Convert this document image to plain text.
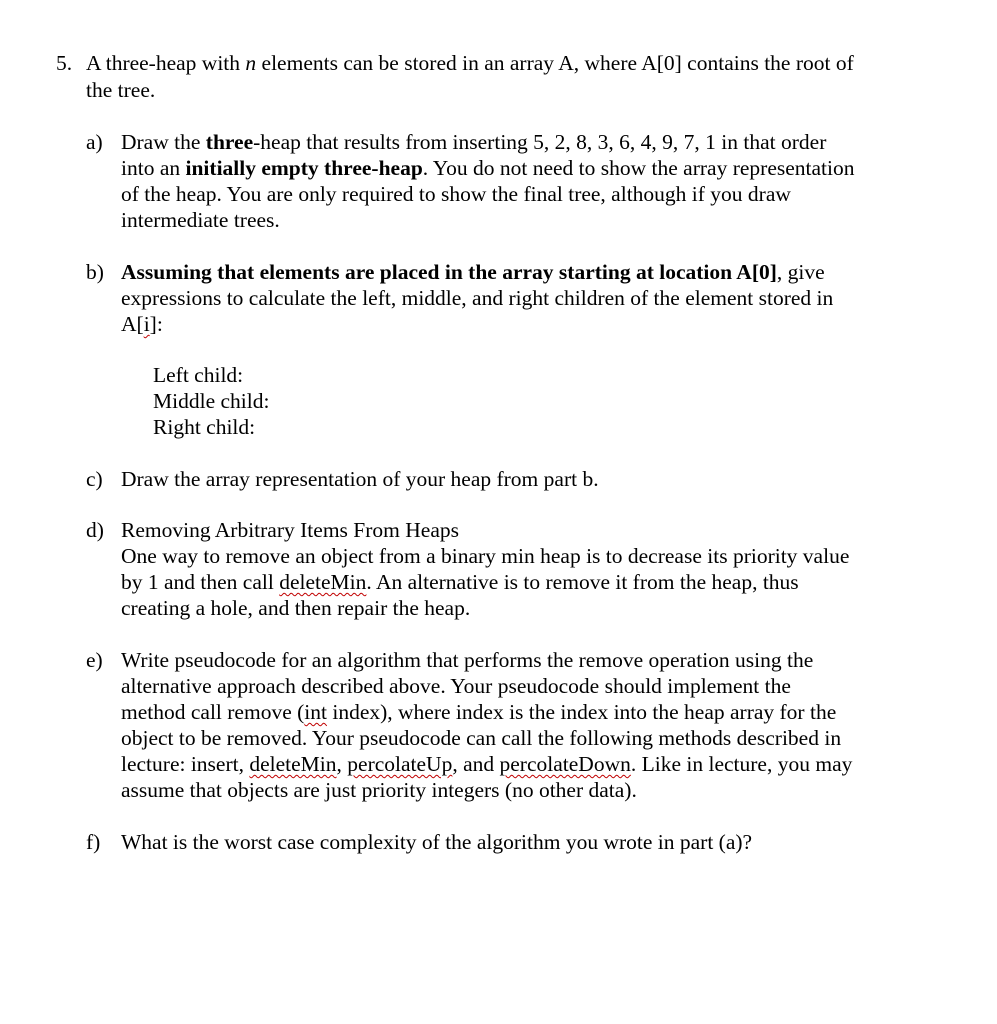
5. A three-heap with n elements can be stored in an array A, where A[0] contains the root of
the tree.
a) Draw the three-heap that results from inserting 5, 2, 8, 3, 6, 4, 9, 7, 1 in that order
into an initially empty three-heap. You do not need to show the array representation
of the heap. You are only required to show the final tree, although if you draw
intermediate trees.
b) Assuming that elements are placed in the array starting at location A[0], give
expressions to calculate the left, middle, and right children of the element stored in
A[i]:
Left child:
Middle child:
Right child:
c) Draw the array representation of your heap from part b.
d) Removing Arbitrary Items From Heaps
One way to remove an object from a binary min heap is to decrease its priority value
by 1 and then call deleteMin. An alternative is to remove it from the heap, thus
creating a hole, and then repair the heap.
e) Write pseudocode for an algorithm that performs the remove operation using the
alternative approach described above. Your pseudocode should implement the
method call remove (int index), where index is the index into the heap array for the
object to be removed. Your pseudocode can call the following methods described in
lecture: insert, deleteMin, percolateUp, and percolateDown. Like in lecture, you may
assume that objects are just priority integers (no other data).
f) What is the worst case complexity of the algorithm you wrote in part (a)?
